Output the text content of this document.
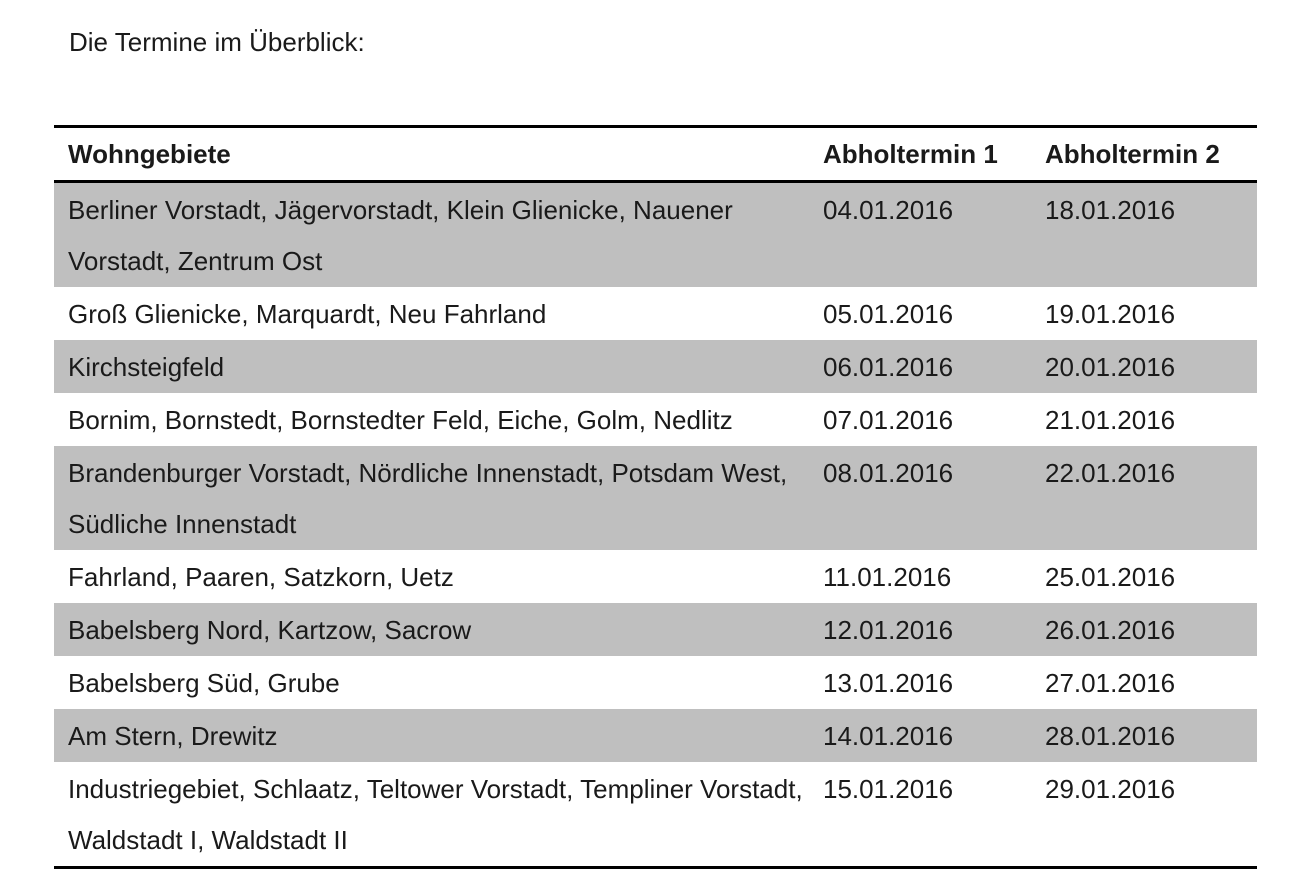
Die Termine im Überblick:

Wohngebiete	Abholtermin 1	Abholtermin 2
Berliner Vorstadt, Jägervorstadt, Klein Glienicke, Nauener Vorstadt, Zentrum Ost	04.01.2016	18.01.2016
Groß Glienicke, Marquardt, Neu Fahrland	05.01.2016	19.01.2016
Kirchsteigfeld	06.01.2016	20.01.2016
Bornim, Bornstedt, Bornstedter Feld, Eiche, Golm, Nedlitz	07.01.2016	21.01.2016
Brandenburger Vorstadt, Nördliche Innenstadt, Potsdam West, Südliche Innenstadt	08.01.2016	22.01.2016
Fahrland, Paaren, Satzkorn, Uetz	11.01.2016	25.01.2016
Babelsberg Nord, Kartzow, Sacrow	12.01.2016	26.01.2016
Babelsberg Süd, Grube	13.01.2016	27.01.2016
Am Stern, Drewitz	14.01.2016	28.01.2016
Industriegebiet, Schlaatz, Teltower Vorstadt, Templiner Vorstadt, Waldstadt I, Waldstadt II	15.01.2016	29.01.2016
